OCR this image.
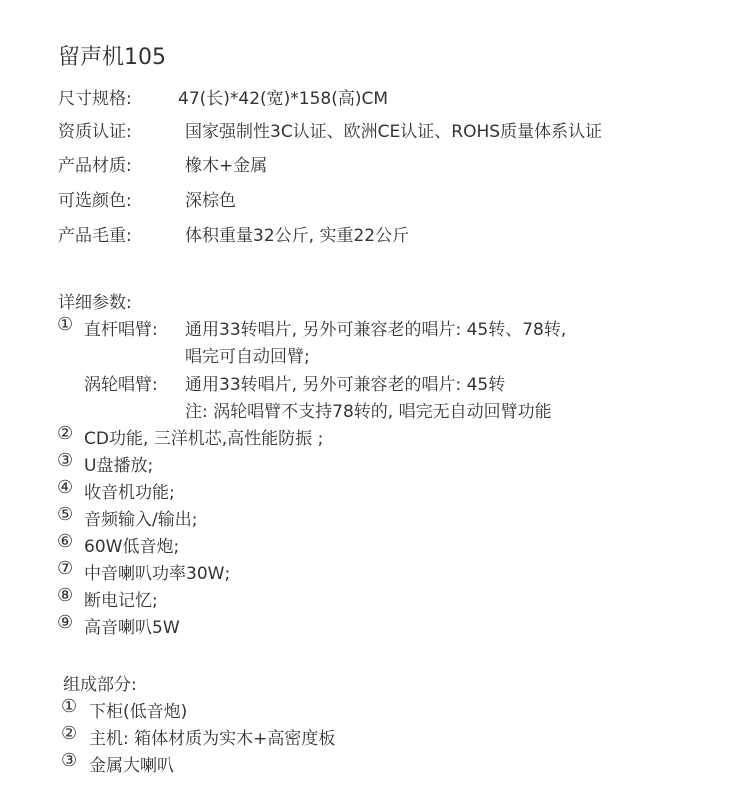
留声机105
尺寸规格:	47(长)*42(宽)*158(高)CM
资质认证:	国家强制性3C认证、欧洲CE认证、ROHS质量体系认证
产品材质:	橡木+金属
可选颜色:	深棕色
产品毛重:	体积重量32公斤, 实重22公斤
详细参数:
① 直杆唱臂: 通用33转唱片, 另外可兼容老的唱片: 45转、78转,
唱完可自动回臂;
涡轮唱臂: 通用33转唱片, 另外可兼容老的唱片: 45转
注: 涡轮唱臂不支持78转的, 唱完无自动回臂功能
② CD功能, 三洋机芯,高性能防振 ;
③ U盘播放;
④ 收音机功能;
⑤ 音频输入/输出;
⑥ 60W低音炮;
⑦ 中音喇叭功率30W;
⑧ 断电记忆;
⑨ 高音喇叭5W
组成部分:
① 下柜(低音炮)
② 主机: 箱体材质为实木+高密度板
③ 金属大喇叭
